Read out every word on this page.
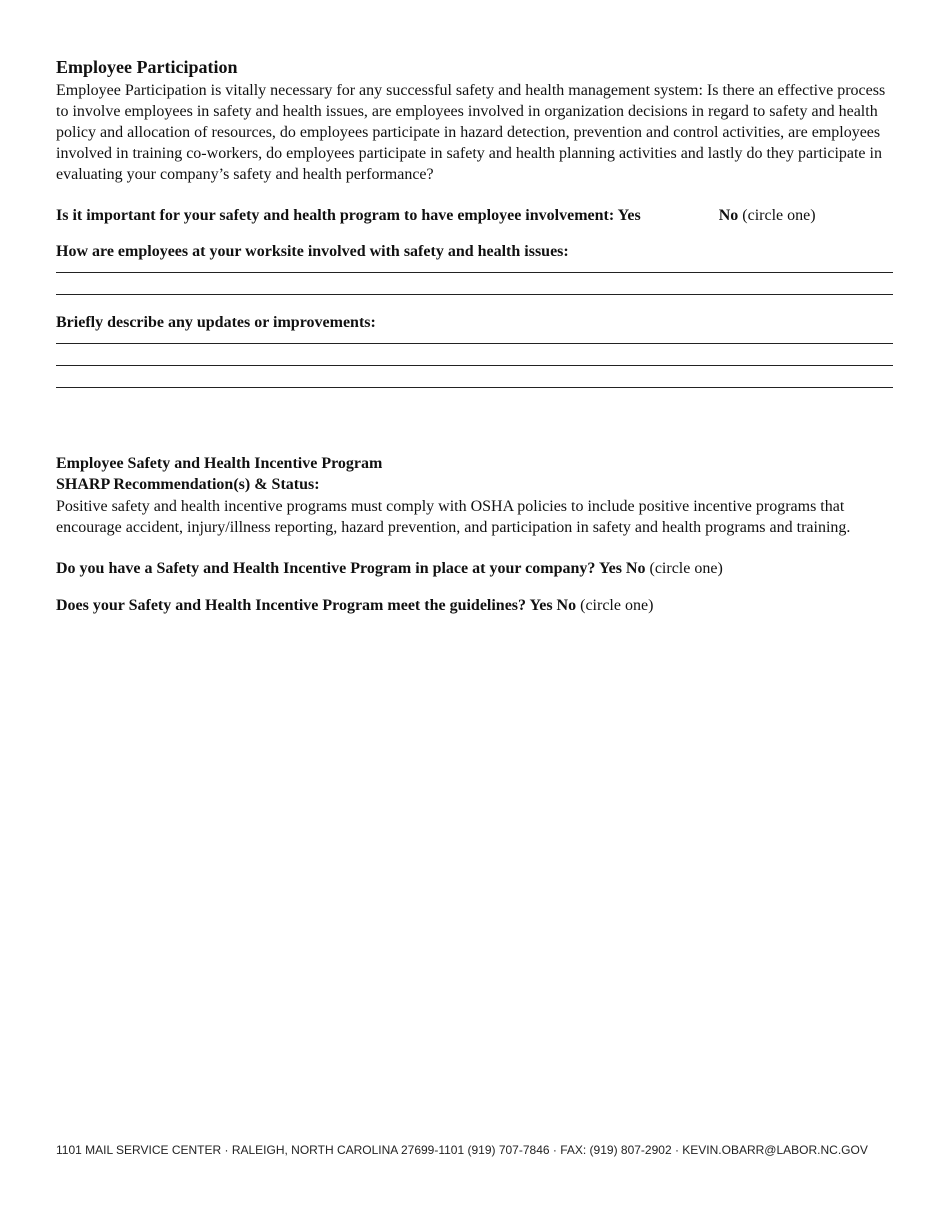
Employee Participation

Employee Participation is vitally necessary for any successful safety and health management system: Is there an effective process to involve employees in safety and health issues, are employees involved in organization decisions in regard to safety and health policy and allocation of resources, do employees participate in hazard detection, prevention and control activities, are employees involved in training co-workers, do employees participate in safety and health planning activities and lastly do they participate in evaluating your company’s safety and health performance?

Is it important for your safety and health program to have employee involvement: Yes	No (circle one)

How are employees at your worksite involved with safety and health issues:

Briefly describe any updates or improvements:

Employee Safety and Health Incentive Program

SHARP Recommendation(s) & Status:

Positive safety and health incentive programs must comply with OSHA policies to include positive incentive programs that encourage accident, injury/illness reporting, hazard prevention, and participation in safety and health programs and training.

Do you have a Safety and Health Incentive Program in place at your company? Yes No (circle one)

Does your Safety and Health Incentive Program meet the guidelines? Yes No (circle one)

1101 MAIL SERVICE CENTER · RALEIGH, NORTH CAROLINA 27699-1101 (919) 707-7846 · FAX: (919) 807-2902 · KEVIN.OBARR@LABOR.NC.GOV
